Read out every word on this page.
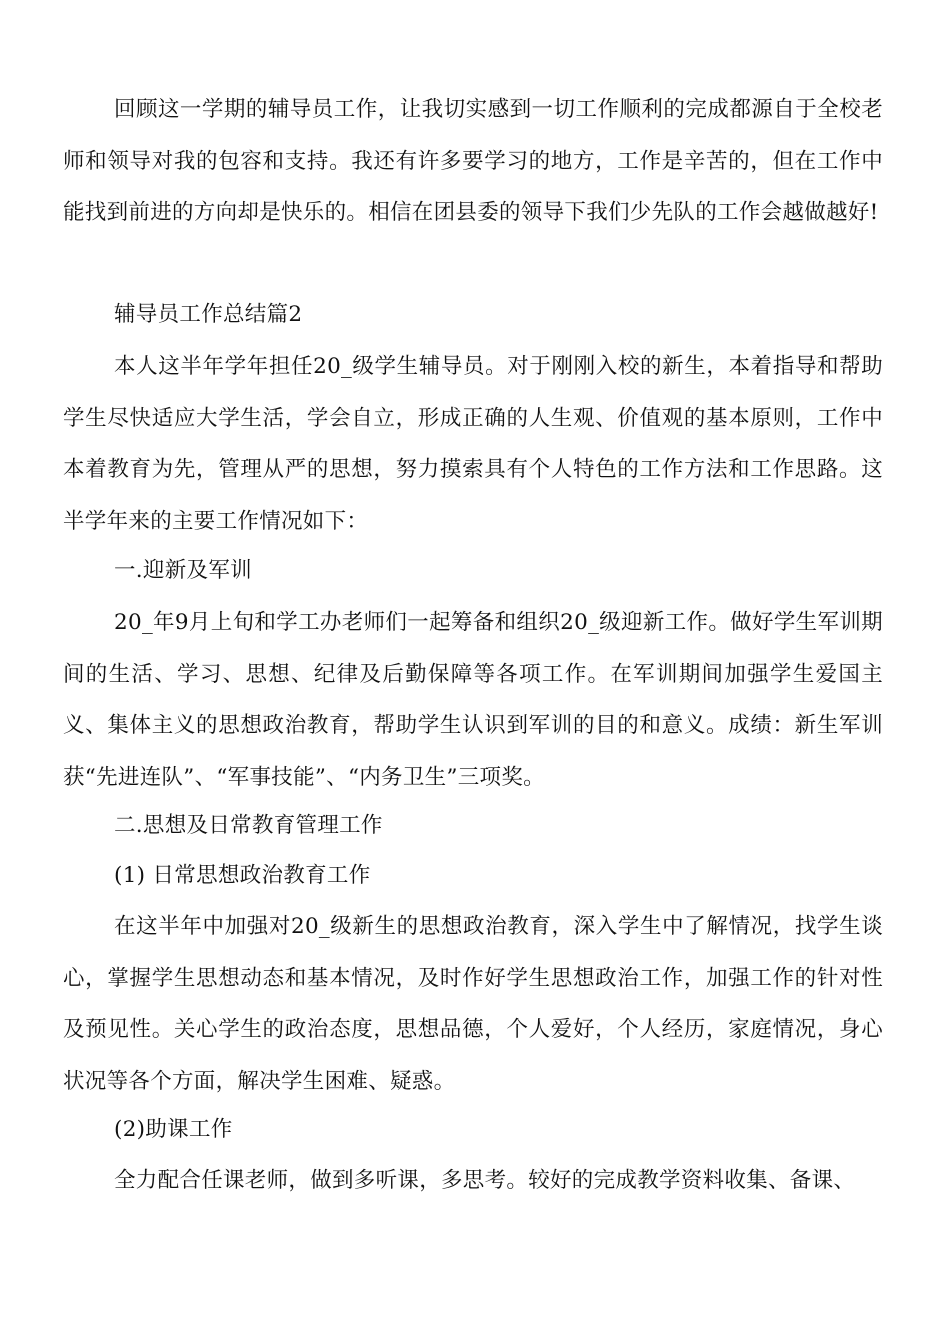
回顾这一学期的辅导员工作，让我切实感到一切工作顺利的完成都源自于全校老师和领导对我的包容和支持。我还有许多要学习的地方，工作是辛苦的，但在工作中能找到前进的方向却是快乐的。相信在团县委的领导下我们少先队的工作会越做越好!

辅导员工作总结篇2

本人这半年学年担任20_级学生辅导员。对于刚刚入校的新生，本着指导和帮助学生尽快适应大学生活，学会自立，形成正确的人生观、价值观的基本原则，工作中本着教育为先，管理从严的思想，努力摸索具有个人特色的工作方法和工作思路。这半学年来的主要工作情况如下：

一.迎新及军训

20_年9月上旬和学工办老师们一起筹备和组织20_级迎新工作。做好学生军训期间的生活、学习、思想、纪律及后勤保障等各项工作。在军训期间加强学生爱国主义、集体主义的思想政治教育，帮助学生认识到军训的目的和意义。成绩：新生军训获“先进连队”、“军事技能”、“内务卫生”三项奖。

二.思想及日常教育管理工作

(1) 日常思想政治教育工作

在这半年中加强对20_级新生的思想政治教育，深入学生中了解情况，找学生谈心，掌握学生思想动态和基本情况，及时作好学生思想政治工作，加强工作的针对性及预见性。关心学生的政治态度，思想品德，个人爱好，个人经历，家庭情况，身心状况等各个方面，解决学生困难、疑惑。

(2)助课工作

全力配合任课老师，做到多听课，多思考。较好的完成教学资料收集、备课、
